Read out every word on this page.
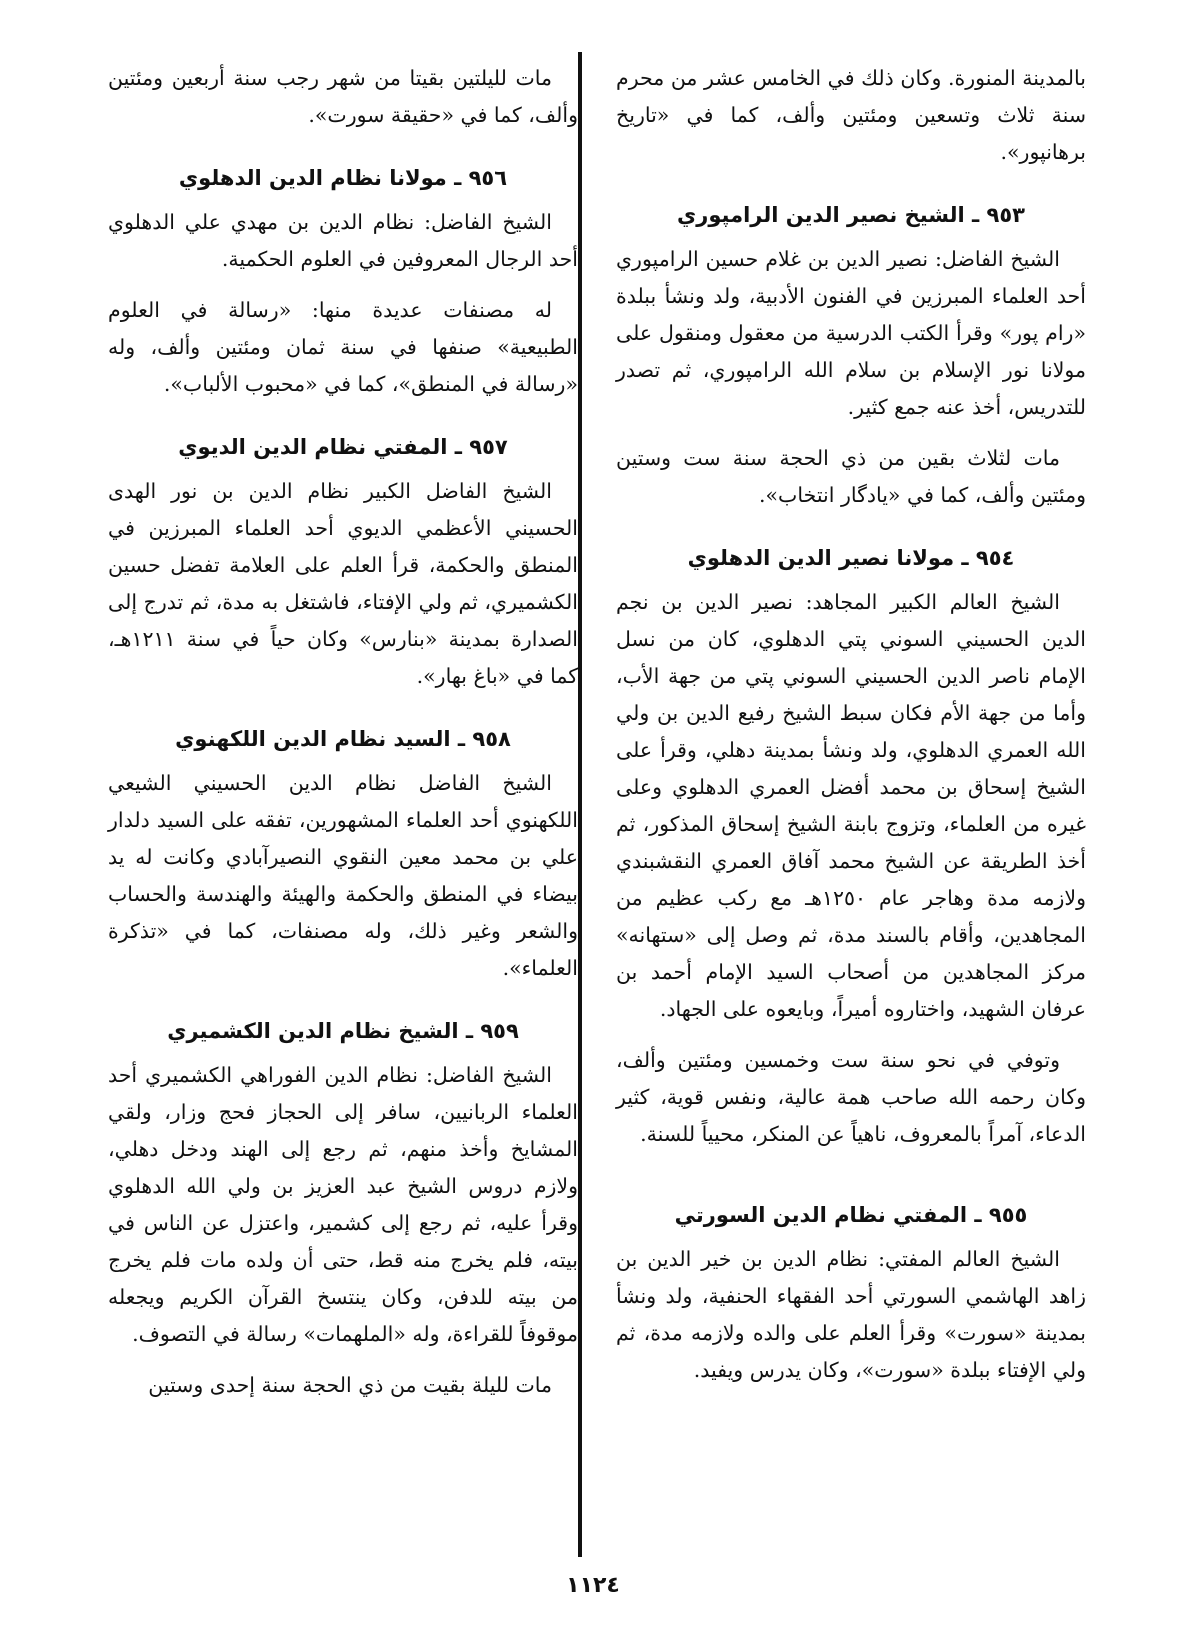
بالمدينة المنورة. وكان ذلك في الخامس عشر من محرم سنة ثلاث وتسعين ومئتين وألف، كما في «تاريخ برهانپور».

٩٥٣ ـ الشيخ نصير الدين الرامپوري

الشيخ الفاضل: نصير الدين بن غلام حسين الرامپوري أحد العلماء المبرزين في الفنون الأدبية، ولد ونشأ ببلدة «رام پور» وقرأ الكتب الدرسية من معقول ومنقول على مولانا نور الإسلام بن سلام الله الرامپوري، ثم تصدر للتدريس، أخذ عنه جمع كثير.

مات لثلاث بقين من ذي الحجة سنة ست وستين ومئتين وألف، كما في «يادگار انتخاب».

٩٥٤ ـ مولانا نصير الدين الدهلوي

الشيخ العالم الكبير المجاهد: نصير الدين بن نجم الدين الحسيني السوني پتي الدهلوي، كان من نسل الإمام ناصر الدين الحسيني السوني پتي من جهة الأب، وأما من جهة الأم فكان سبط الشيخ رفيع الدين بن ولي الله العمري الدهلوي، ولد ونشأ بمدينة دهلي، وقرأ على الشيخ إسحاق بن محمد أفضل العمري الدهلوي وعلى غيره من العلماء، وتزوج بابنة الشيخ إسحاق المذكور، ثم أخذ الطريقة عن الشيخ محمد آفاق العمري النقشبندي ولازمه مدة وهاجر عام ١٢٥٠هـ مع ركب عظيم من المجاهدين، وأقام بالسند مدة، ثم وصل إلى «ستهانه» مركز المجاهدين من أصحاب السيد الإمام أحمد بن عرفان الشهيد، واختاروه أميراً، وبايعوه على الجهاد.

وتوفي في نحو سنة ست وخمسين ومئتين وألف، وكان رحمه الله صاحب همة عالية، ونفس قوية، كثير الدعاء، آمراً بالمعروف، ناهياً عن المنكر، محيياً للسنة.

٩٥٥ ـ المفتي نظام الدين السورتي

الشيخ العالم المفتي: نظام الدين بن خير الدين بن زاهد الهاشمي السورتي أحد الفقهاء الحنفية، ولد ونشأ بمدينة «سورت» وقرأ العلم على والده ولازمه مدة، ثم ولي الإفتاء ببلدة «سورت»، وكان يدرس ويفيد.

مات لليلتين بقيتا من شهر رجب سنة أربعين ومئتين وألف، كما في «حقيقة سورت».

٩٥٦ ـ مولانا نظام الدين الدهلوي

الشيخ الفاضل: نظام الدين بن مهدي علي الدهلوي أحد الرجال المعروفين في العلوم الحكمية.

له مصنفات عديدة منها: «رسالة في العلوم الطبيعية» صنفها في سنة ثمان ومئتين وألف، وله «رسالة في المنطق»، كما في «محبوب الألباب».

٩٥٧ ـ المفتي نظام الدين الديوي

الشيخ الفاضل الكبير نظام الدين بن نور الهدى الحسيني الأعظمي الديوي أحد العلماء المبرزين في المنطق والحكمة، قرأ العلم على العلامة تفضل حسين الكشميري، ثم ولي الإفتاء، فاشتغل به مدة، ثم تدرج إلى الصدارة بمدينة «بنارس» وكان حياً في سنة ١٢١١هـ، كما في «باغ بهار».

٩٥٨ ـ السيد نظام الدين اللكهنوي

الشيخ الفاضل نظام الدين الحسيني الشيعي اللكهنوي أحد العلماء المشهورين، تفقه على السيد دلدار علي بن محمد معين النقوي النصيرآبادي وكانت له يد بيضاء في المنطق والحكمة والهيئة والهندسة والحساب والشعر وغير ذلك، وله مصنفات، كما في «تذكرة العلماء».

٩٥٩ ـ الشيخ نظام الدين الكشميري

الشيخ الفاضل: نظام الدين الفوراهي الكشميري أحد العلماء الربانيين، سافر إلى الحجاز فحج وزار، ولقي المشايخ وأخذ منهم، ثم رجع إلى الهند ودخل دهلي، ولازم دروس الشيخ عبد العزيز بن ولي الله الدهلوي وقرأ عليه، ثم رجع إلى كشمير، واعتزل عن الناس في بيته، فلم يخرج منه قط، حتى أن ولده مات فلم يخرج من بيته للدفن، وكان ينتسخ القرآن الكريم ويجعله موقوفاً للقراءة، وله «الملهمات» رسالة في التصوف.

مات لليلة بقيت من ذي الحجة سنة إحدى وستين

١١٢٤
